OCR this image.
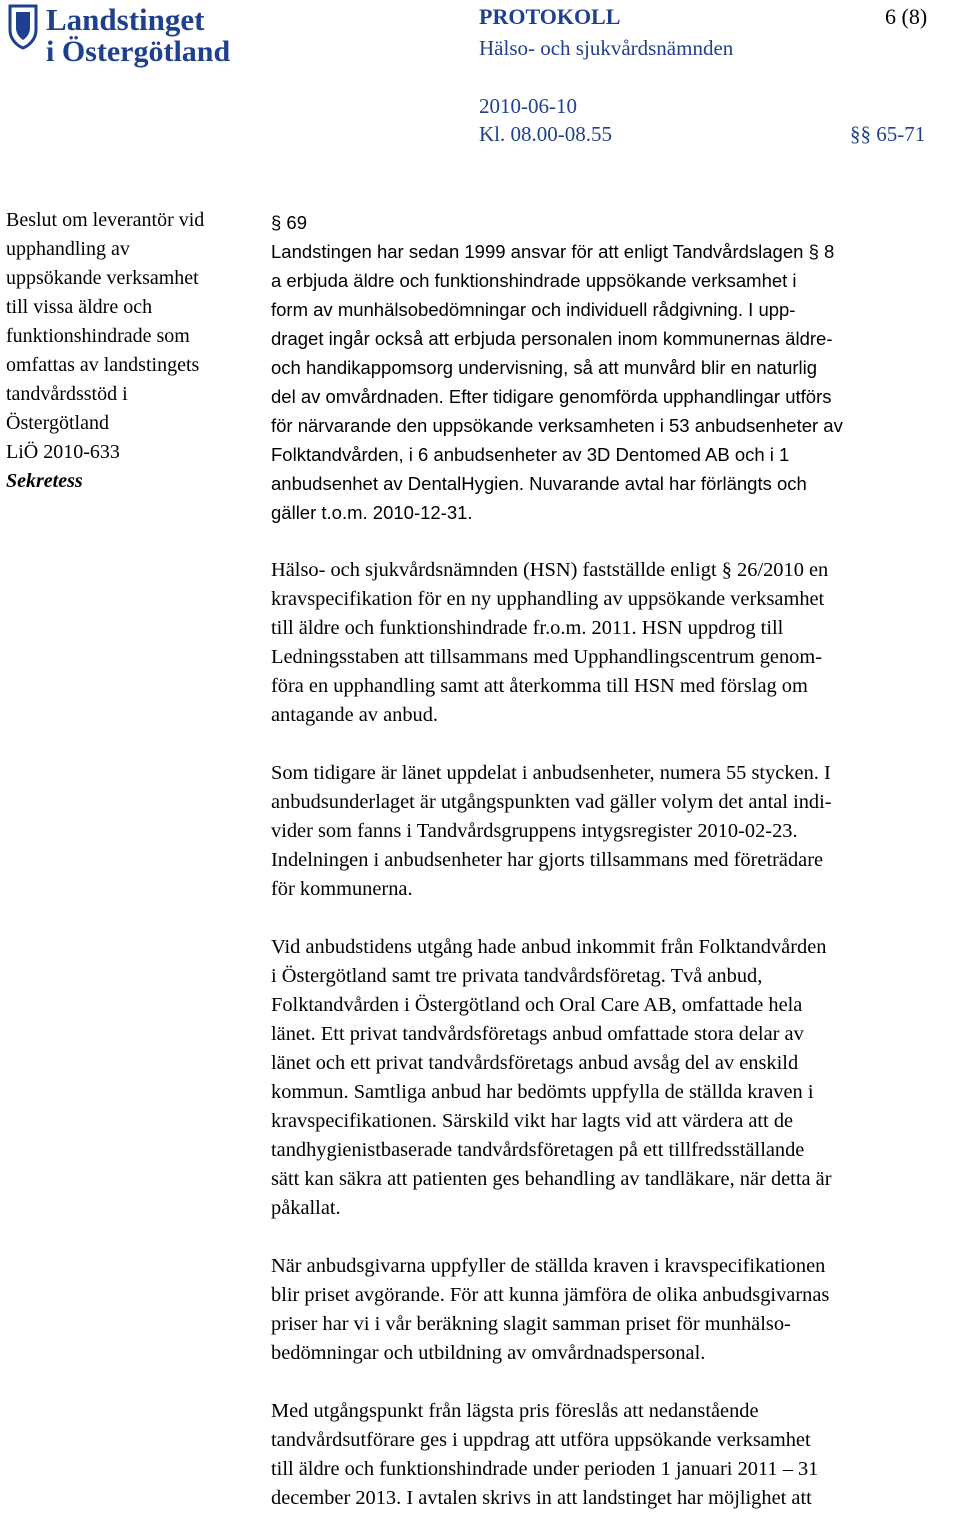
Landstinget
i Östergötland
PROTOKOLL	6 (8)
Hälso- och sjukvårdsnämnden
2010-06-10
Kl. 08.00-08.55	§§ 65-71
Beslut om leverantör vid
upphandling av
uppsökande verksamhet
till vissa äldre och
funktionshindrade som
omfattas av landstingets
tandvårdsstöd i
Östergötland
LiÖ 2010-633
Sekretess
§ 69
Landstingen har sedan 1999 ansvar för att enligt Tandvårdslagen § 8
a erbjuda äldre och funktionshindrade uppsökande verksamhet i
form av munhälsobedömningar och individuell rådgivning. I upp-
draget ingår också att erbjuda personalen inom kommunernas äldre-
och handikappomsorg undervisning, så att munvård blir en naturlig
del av omvårdnaden. Efter tidigare genomförda upphandlingar utförs
för närvarande den uppsökande verksamheten i 53 anbudsenheter av
Folktandvården, i 6 anbudsenheter av 3D Dentomed AB och i 1
anbudsenhet av DentalHygien. Nuvarande avtal har förlängts och
gäller t.o.m. 2010-12-31.
Hälso- och sjukvårdsnämnden (HSN) fastställde enligt § 26/2010 en
kravspecifikation för en ny upphandling av uppsökande verksamhet
till äldre och funktionshindrade fr.o.m. 2011. HSN uppdrog till
Ledningsstaben att tillsammans med Upphandlingscentrum genom-
föra en upphandling samt att återkomma till HSN med förslag om
antagande av anbud.
Som tidigare är länet uppdelat i anbudsenheter, numera 55 stycken. I
anbudsunderlaget är utgångspunkten vad gäller volym det antal indi-
vider som fanns i Tandvårdsgruppens intygsregister 2010-02-23.
Indelningen i anbudsenheter har gjorts tillsammans med företrädare
för kommunerna.
Vid anbudstidens utgång hade anbud inkommit från Folktandvården
i Östergötland samt tre privata tandvårdsföretag. Två anbud,
Folktandvården i Östergötland och Oral Care AB, omfattade hela
länet. Ett privat tandvårdsföretags anbud omfattade stora delar av
länet och ett privat tandvårdsföretags anbud avsåg del av enskild
kommun. Samtliga anbud har bedömts uppfylla de ställda kraven i
kravspecifikationen. Särskild vikt har lagts vid att värdera att de
tandhygienistbaserade tandvårdsföretagen på ett tillfredsställande
sätt kan säkra att patienten ges behandling av tandläkare, när detta är
påkallat.
När anbudsgivarna uppfyller de ställda kraven i kravspecifikationen
blir priset avgörande. För att kunna jämföra de olika anbudsgivarnas
priser har vi i vår beräkning slagit samman priset för munhälso-
bedömningar och utbildning av omvårdnadspersonal.
Med utgångspunkt från lägsta pris föreslås att nedanstående
tandvårdsutförare ges i uppdrag att utföra uppsökande verksamhet
till äldre och funktionshindrade under perioden 1 januari 2011 – 31
december 2013. I avtalen skrivs in att landstinget har möjlighet att
